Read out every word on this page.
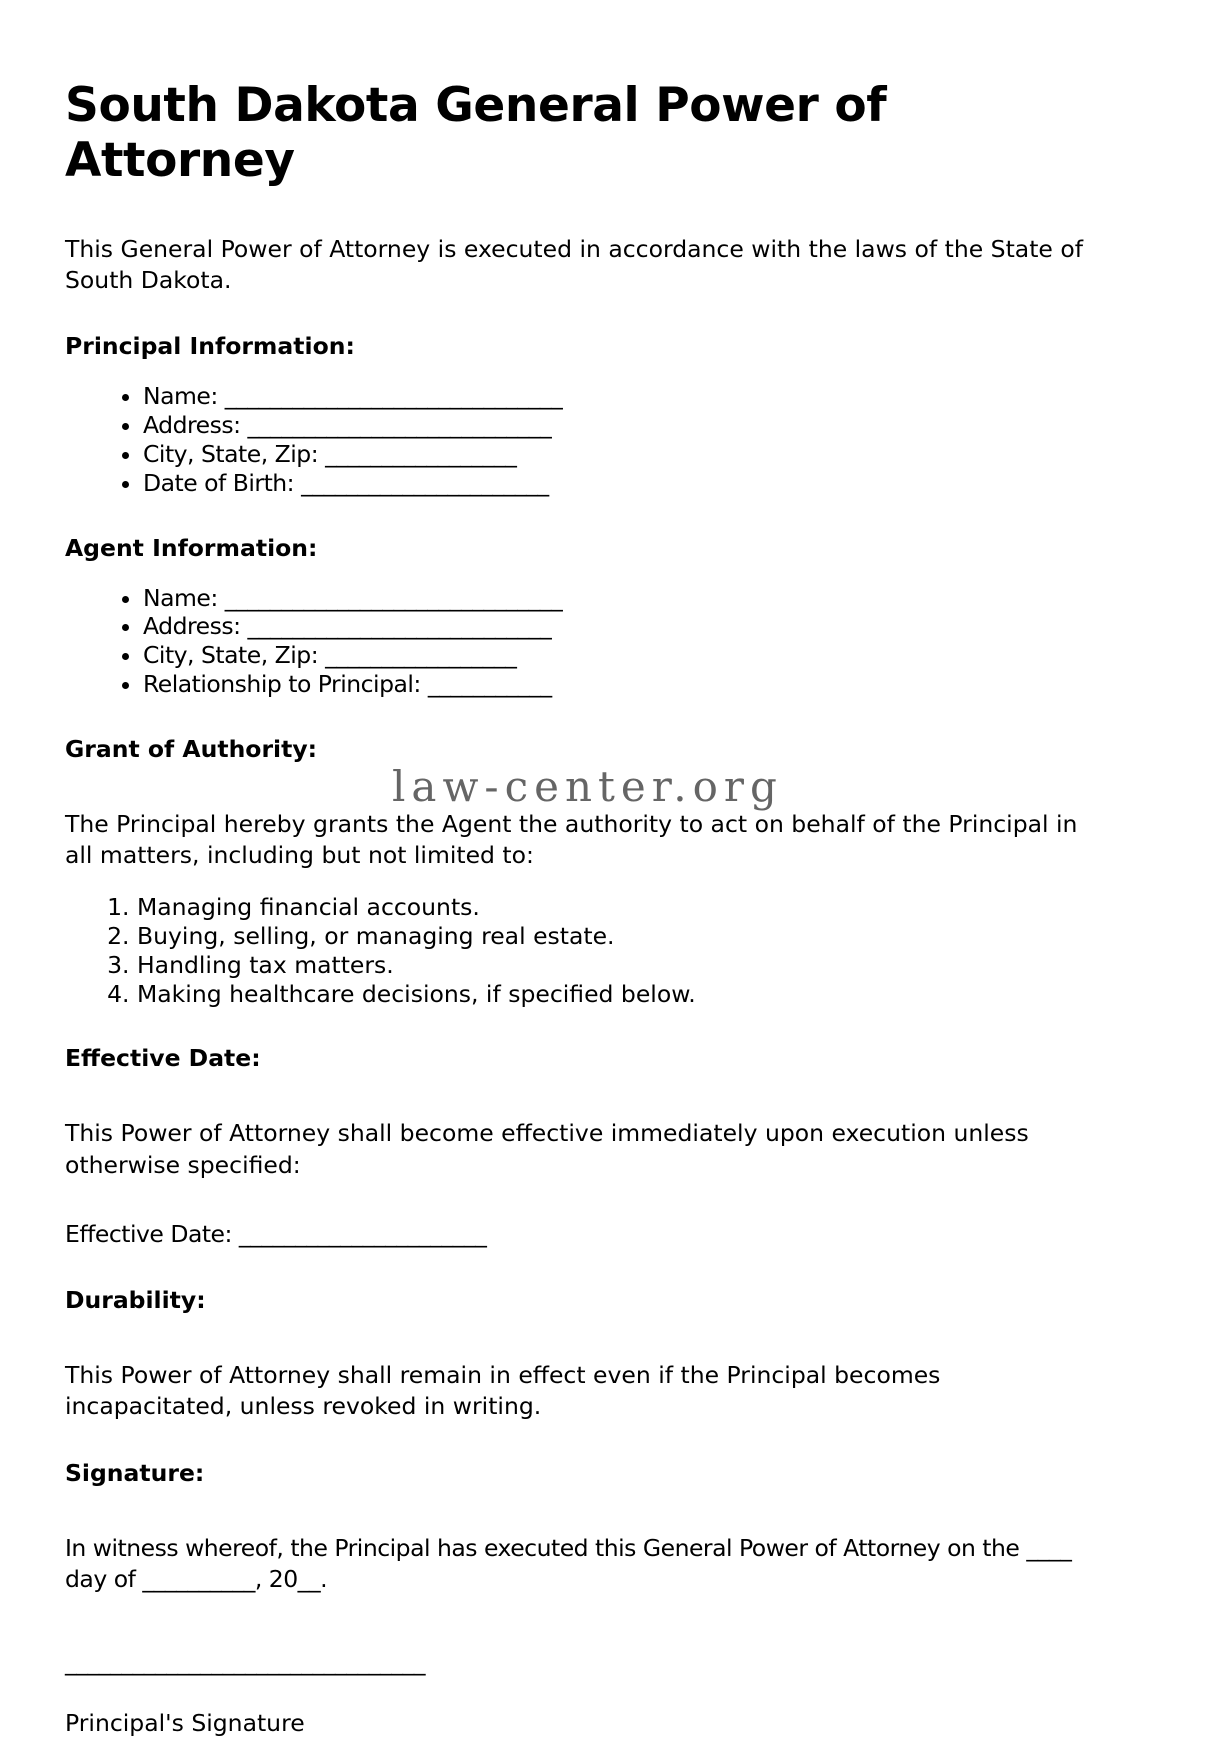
South Dakota General Power of Attorney

This General Power of Attorney is executed in accordance with the laws of the State of South Dakota.

Principal Information:
• Name: ______________________________
• Address: ___________________________
• City, State, Zip: _________________
• Date of Birth: ______________________
Agent Information:
• Name: ______________________________
• Address: ___________________________
• City, State, Zip: _________________
• Relationship to Principal: ___________
Grant of Authority:

The Principal hereby grants the Agent the authority to act on behalf of the Principal in all matters, including but not limited to:

1. Managing financial accounts.
2. Buying, selling, or managing real estate.
3. Handling tax matters.
4. Making healthcare decisions, if specified below.
Effective Date:

This Power of Attorney shall become effective immediately upon execution unless otherwise specified:

Effective Date: ______________________

Durability:

This Power of Attorney shall remain in effect even if the Principal becomes incapacitated, unless revoked in writing.

Signature:

In witness whereof, the Principal has executed this General Power of Attorney on the ____ day of __________, 20__.

________________________________

Principal's Signature

law-center.org
